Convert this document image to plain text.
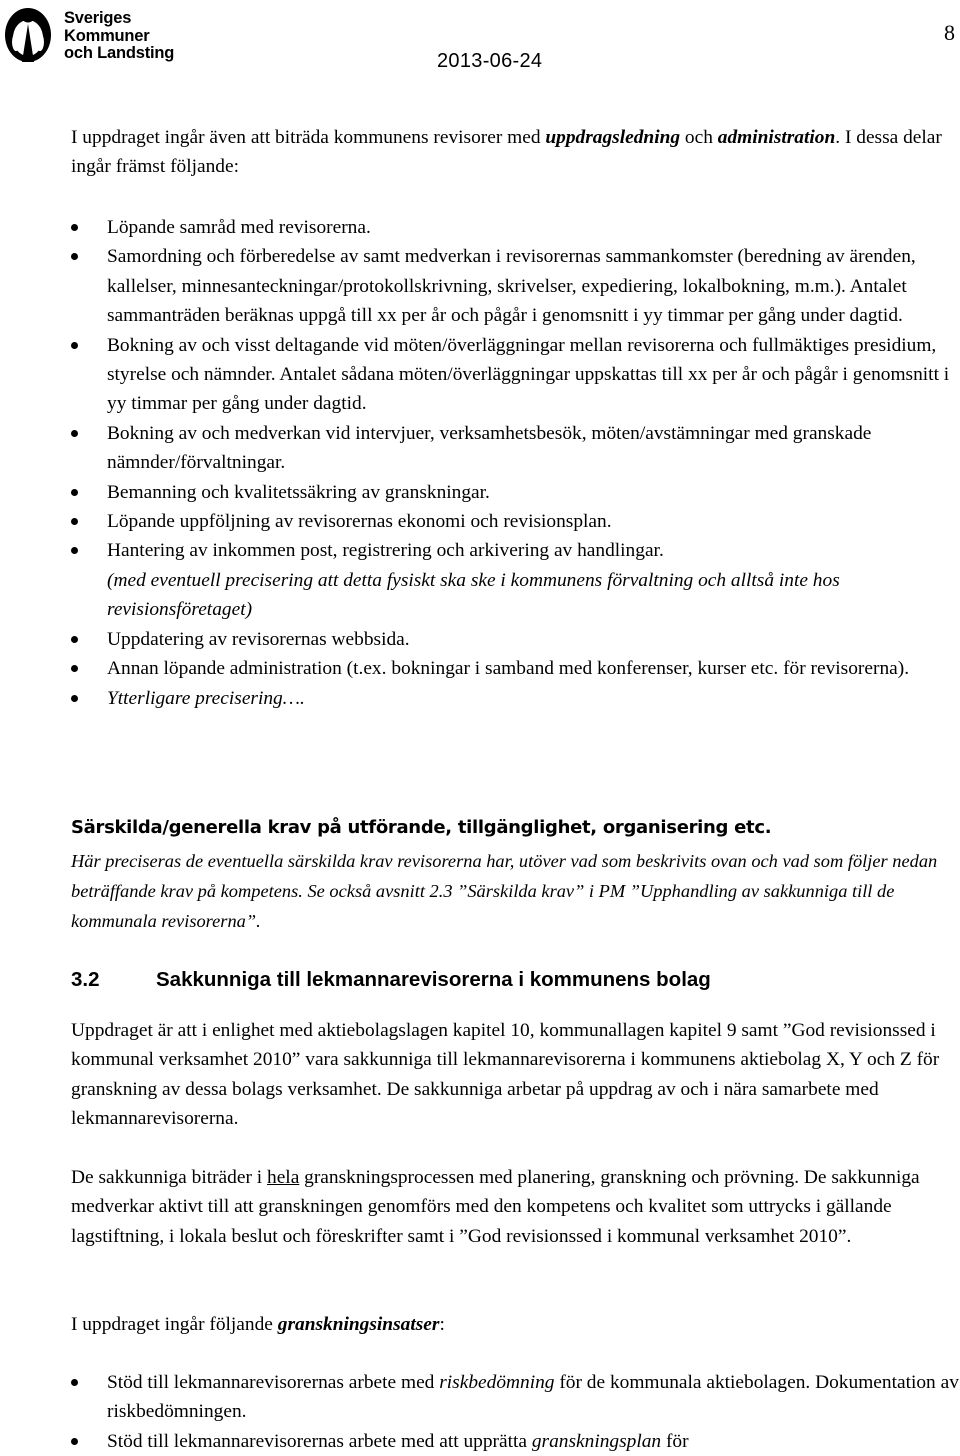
Sveriges
Kommuner
och Landsting	2013-06-24
8

I uppdraget ingår även att biträda kommunens revisorer med uppdragsledning och administration. I dessa delar ingår främst följande:

Löpande samråd med revisorerna.
Samordning och förberedelse av samt medverkan i revisorernas sammankomster (beredning av ärenden, kallelser, minnesanteckningar/protokollskrivning, skrivelser, expediering, lokalbokning, m.m.). Antalet sammanträden beräknas uppgå till xx per år och pågår i genomsnitt i yy timmar per gång under dagtid.
Bokning av och visst deltagande vid möten/överläggningar mellan revisorerna och fullmäktiges presidium, styrelse och nämnder. Antalet sådana möten/överläggningar uppskattas till xx per år och pågår i genomsnitt i yy timmar per gång under dagtid.
Bokning av och medverkan vid intervjuer, verksamhetsbesök, möten/avstämningar med granskade nämnder/förvaltningar.
Bemanning och kvalitetssäkring av granskningar.
Löpande uppföljning av revisorernas ekonomi och revisionsplan.
Hantering av inkommen post, registrering och arkivering av handlingar.
(med eventuell precisering att detta fysiskt ska ske i kommunens förvaltning och alltså inte hos revisionsföretaget)
Uppdatering av revisorernas webbsida.
Annan löpande administration (t.ex. bokningar i samband med konferenser, kurser etc. för revisorerna).
Ytterligare precisering….
Särskilda/generella krav på utförande, tillgänglighet, organisering etc.

Här preciseras de eventuella särskilda krav revisorerna har, utöver vad som beskrivits ovan och vad som följer nedan beträffande krav på kompetens. Se också avsnitt 2.3 ”Särskilda krav” i PM ”Upphandling av sakkunniga till de kommunala revisorerna”.

3.2	Sakkunniga till lekmannarevisorerna i kommunens bolag

Uppdraget är att i enlighet med aktiebolagslagen kapitel 10, kommunallagen kapitel 9 samt ”God revisionssed i kommunal verksamhet 2010” vara sakkunniga till lekmannarevisorerna i kommunens aktiebolag X, Y och Z för granskning av dessa bolags verksamhet. De sakkunniga arbetar på uppdrag av och i nära samarbete med lekmannarevisorerna.

De sakkunniga biträder i hela granskningsprocessen med planering, granskning och prövning. De sakkunniga medverkar aktivt till att granskningen genomförs med den kompetens och kvalitet som uttrycks i gällande lagstiftning, i lokala beslut och föreskrifter samt i ”God revisionssed i kommunal verksamhet 2010”.

I uppdraget ingår följande granskningsinsatser:

Stöd till lekmannarevisorernas arbete med riskbedömning för de kommunala aktiebolagen. Dokumentation av riskbedömningen.
Stöd till lekmannarevisorernas arbete med att upprätta granskningsplan för
